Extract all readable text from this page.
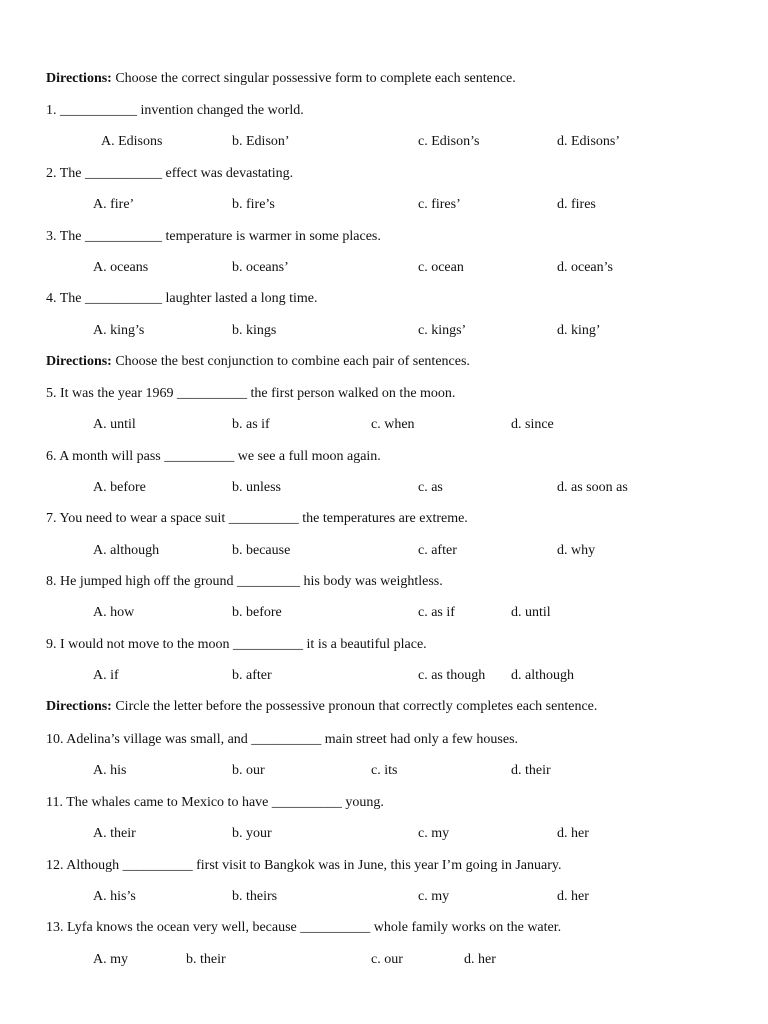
Directions: Choose the correct singular possessive form to complete each sentence.
1. ___________ invention changed the world.
A. Edisons	b. Edison’	c. Edison’s	d. Edisons’
2. The ___________ effect was devastating.
A. fire’	b. fire’s	c. fires’	d. fires
3. The ___________ temperature is warmer in some places.
A. oceans	b. oceans’	c. ocean	d. ocean’s
4. The ___________ laughter lasted a long time.
A. king’s	b. kings	c. kings’	d. king’
Directions: Choose the best conjunction to combine each pair of sentences.
5. It was the year 1969 __________ the first person walked on the moon.
A. until	b. as if	c. when	d. since
6. A month will pass __________ we see a full moon again.
A. before	b. unless	c. as	d. as soon as
7. You need to wear a space suit __________ the temperatures are extreme.
A. although	b. because	c. after	d. why
8. He jumped high off the ground _________ his body was weightless.
A. how	b. before	c. as if	d. until
9. I would not move to the moon __________ it is a beautiful place.
A. if	b. after	c. as though d. although
Directions: Circle the letter before the possessive pronoun that correctly completes each sentence.
10. Adelina’s village was small, and __________ main street had only a few houses.
A. his	b. our	c. its	d. their
11. The whales came to Mexico to have __________ young.
A. their	b. your	c. my	d. her
12. Although __________ first visit to Bangkok was in June, this year I’m going in January.
A. his’s	b. theirs	c. my	d. her
13. Lyfa knows the ocean very well, because __________ whole family works on the water.
A. my	b. their	c. our	d. her
